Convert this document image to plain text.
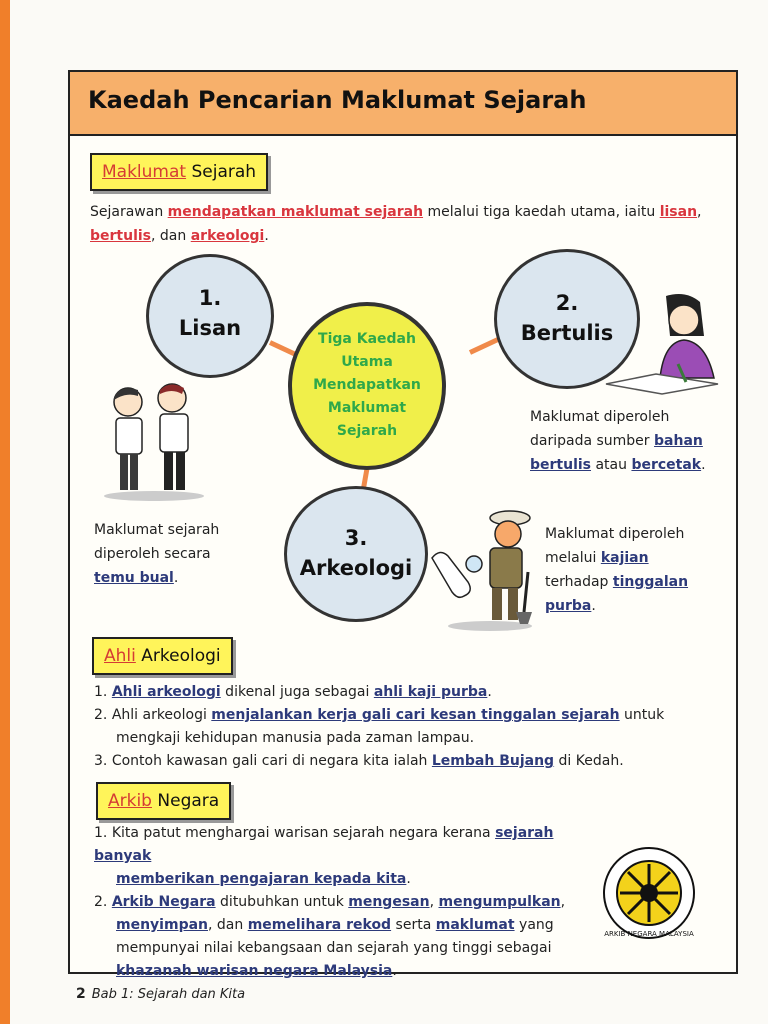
Kaedah Pencarian Maklumat Sejarah
Maklumat Sejarah
Sejarawan mendapatkan maklumat sejarah melalui tiga kaedah utama, iaitu lisan,
bertulis, dan arkeologi.
Tiga Kaedah
Utama
Mendapatkan
Maklumat
Sejarah
1.
Lisan
2.
Bertulis
3.
Arkeologi
Maklumat sejarah
diperoleh secara
temu bual.
Maklumat diperoleh
daripada sumber bahan
bertulis atau bercetak.
Maklumat diperoleh
melalui kajian
terhadap tinggalan
purba.
Ahli Arkeologi
1. Ahli arkeologi dikenal juga sebagai ahli kaji purba.
2. Ahli arkeologi menjalankan kerja gali cari kesan tinggalan sejarah untuk
mengkaji kehidupan manusia pada zaman lampau.
3. Contoh kawasan gali cari di negara kita ialah Lembah Bujang di Kedah.
Arkib Negara
1. Kita patut menghargai warisan sejarah negara kerana sejarah banyak
memberikan pengajaran kepada kita.
2. Arkib Negara ditubuhkan untuk mengesan, mengumpulkan,
menyimpan, dan memelihara rekod serta maklumat yang
mempunyai nilai kebangsaan dan sejarah yang tinggi sebagai
khazanah warisan negara Malaysia.
ARKIB NEGARA MALAYSIA
2 Bab 1: Sejarah dan Kita
